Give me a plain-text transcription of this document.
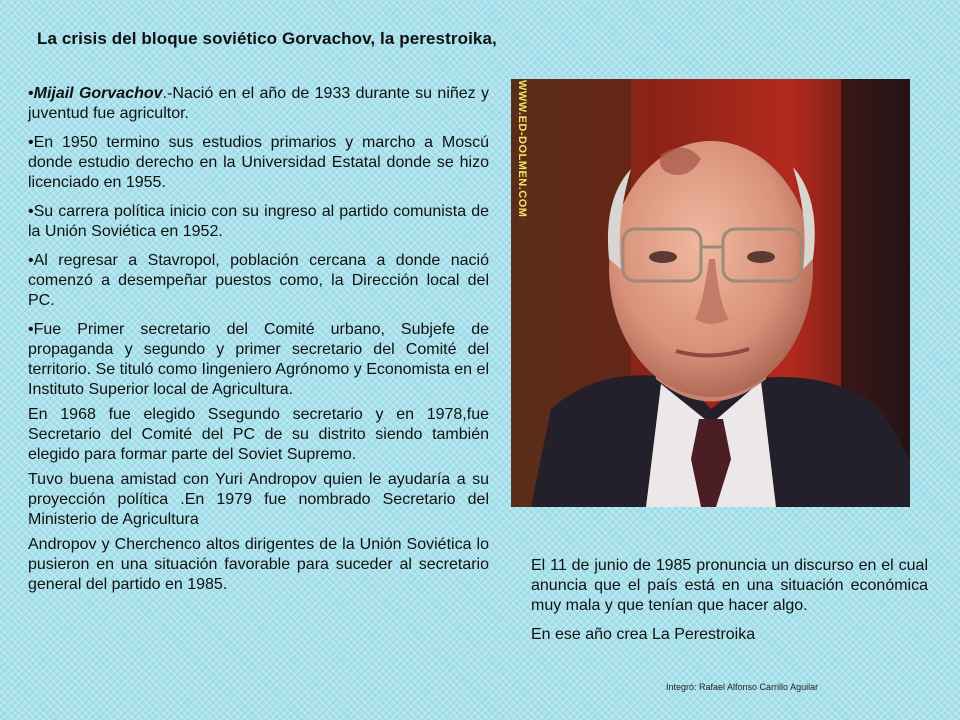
La crisis del bloque soviético Gorvachov, la perestroika,

•Mijail Gorvachov.-Nació en el año de 1933 durante su niñez y juventud fue agricultor.

•En 1950 termino sus estudios primarios y marcho a Moscú donde estudio derecho en la Universidad Estatal donde se hizo licenciado en 1955.

•Su carrera política inicio con su ingreso al partido comunista de la Unión Soviética en 1952.

•Al regresar a Stavropol, población cercana a donde nació comenzó a desempeñar puestos como, la Dirección local del PC.

•Fue Primer secretario del Comité urbano, Subjefe de propaganda y segundo y primer secretario del Comité del territorio. Se tituló como Iingeniero Agrónomo y Economista en el Instituto Superior local de Agricultura.

En 1968 fue elegido Ssegundo secretario y en 1978,fue Secretario del Comité del PC de su distrito siendo también elegido para formar parte del Soviet Supremo.

Tuvo buena amistad con Yuri Andropov quien le ayudaría a su proyección política .En 1979 fue nombrado Secretario del Ministerio de Agricultura

Andropov y Cherchenco altos dirigentes de la Unión Soviética lo pusieron en una situación favorable para suceder al secretario general del partido en 1985.

WWW.ED-DOLMEN.COM

El 11 de junio de 1985 pronuncia un discurso en el cual anuncia que el país está en una situación económica muy mala y que tenían que hacer algo.

En ese año crea La Perestroika

Integró: Rafael Alfonso Carrillo Aguilar
